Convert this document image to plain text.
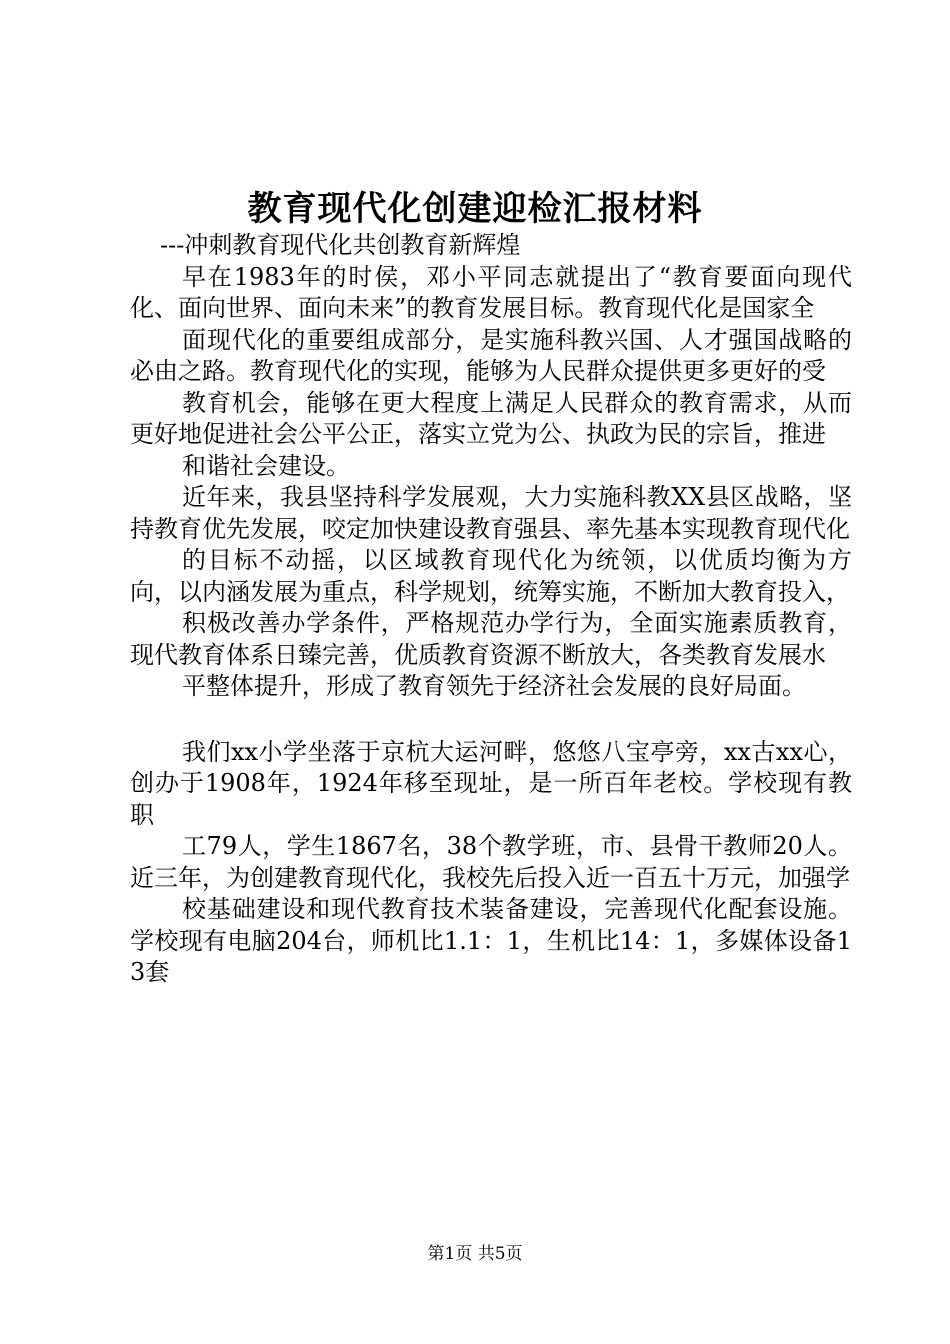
教育现代化创建迎检汇报材料

---冲刺教育现代化共创教育新辉煌

早在1983年的时侯，邓小平同志就提出了“教育要面向现代化、面向世界、面向未来”的教育发展目标。教育现代化是国家全

面现代化的重要组成部分，是实施科教兴国、人才强国战略的必由之路。教育现代化的实现，能够为人民群众提供更多更好的受

教育机会，能够在更大程度上满足人民群众的教育需求，从而更好地促进社会公平公正，落实立党为公、执政为民的宗旨，推进

和谐社会建设。

近年来，我县坚持科学发展观，大力实施科教XX县区战略，坚持教育优先发展，咬定加快建设教育强县、率先基本实现教育现代化

的目标不动摇，以区域教育现代化为统领，以优质均衡为方向，以内涵发展为重点，科学规划，统筹实施，不断加大教育投入，

积极改善办学条件，严格规范办学行为，全面实施素质教育，现代教育体系日臻完善，优质教育资源不断放大，各类教育发展水

平整体提升，形成了教育领先于经济社会发展的良好局面。

我们xx小学坐落于京杭大运河畔，悠悠八宝亭旁，xx古xx心，创办于1908年，1924年移至现址，是一所百年老校。学校现有教职

工79人，学生1867名，38个教学班，市、县骨干教师20人。近三年，为创建教育现代化，我校先后投入近一百五十万元，加强学

校基础建设和现代教育技术装备建设，完善现代化配套设施。学校现有电脑204台，师机比1.1：1，生机比14：1，多媒体设备13套

第1页 共5页
